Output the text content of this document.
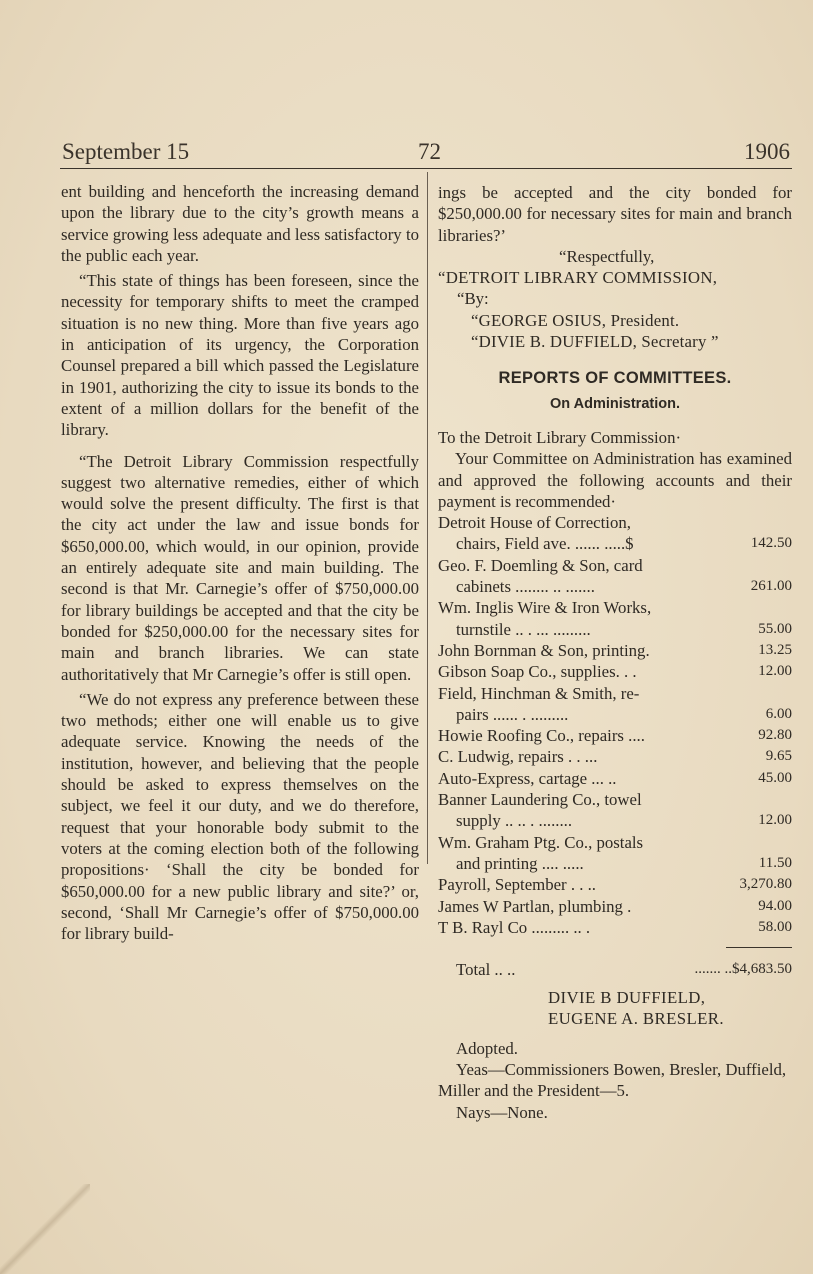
September 15	72	1906

ent building and henceforth the increasing demand upon the library due to the city’s growth means a service growing less adequate and less satisfactory to the public each year.

“This state of things has been foreseen, since the necessity for temporary shifts to meet the cramped situation is no new thing. More than five years ago in anticipation of its urgency, the Corporation Counsel prepared a bill which passed the Legislature in 1901, authorizing the city to issue its bonds to the extent of a million dollars for the benefit of the library.

“The Detroit Library Commission respectfully suggest two alternative remedies, either of which would solve the present difficulty. The first is that the city act under the law and issue bonds for $650,000.00, which would, in our opinion, provide an entirely adequate site and main building. The second is that Mr. Carnegie’s offer of $750,000.00 for library buildings be accepted and that the city be bonded for $250,000.00 for the necessary sites for main and branch libraries. We can state authoritatively that Mr Carnegie’s offer is still open.

“We do not express any preference between these two methods; either one will enable us to give adequate service. Knowing the needs of the institution, however, and believing that the people should be asked to express themselves on the subject, we feel it our duty, and we do therefore, request that your honorable body submit to the voters at the coming election both of the following propositions· ‘Shall the city be bonded for $650,000.00 for a new public library and site?’ or, second, ‘Shall Mr Carnegie’s offer of $750,000.00 for library build-

ings be accepted and the city bonded for $250,000.00 for necessary sites for main and branch libraries?’

“Respectfully,
“DETROIT LIBRARY COMMISSION,
“By:
“GEORGE OSIUS, President.
“DIVIE B. DUFFIELD, Secretary ”
REPORTS OF COMMITTEES.
On Administration.

To the Detroit Library Commission·

Your Committee on Administration has examined and approved the following accounts and their payment is recommended·

Detroit House of Correction,
chairs, Field ave. ...... .....$	142.50
Geo. F. Doemling & Son, card
cabinets ........ .. .......	261.00
Wm. Inglis Wire & Iron Works,
turnstile .. . ... .........	55.00
John Bornman & Son, printing.	13.25
Gibson Soap Co., supplies. . .	12.00
Field, Hinchman & Smith, re-
pairs ...... . .........	6.00
Howie Roofing Co., repairs ....	92.80
C. Ludwig, repairs . . ...	9.65
Auto-Express, cartage ... ..	45.00
Banner Laundering Co., towel
supply .. .. . ........	12.00
Wm. Graham Ptg. Co., postals
and printing .... .....	11.50
Payroll, September . . ..	3,270.80
James W Partlan, plumbing .	94.00
T B. Rayl Co ......... .. .	58.00
Total .. ..	....... ..$4,683.50
DIVIE B DUFFIELD,
EUGENE A. BRESLER.
Adopted.

Yeas—Commissioners Bowen, Bresler, Duffield, Miller and the President—5.

Nays—None.
